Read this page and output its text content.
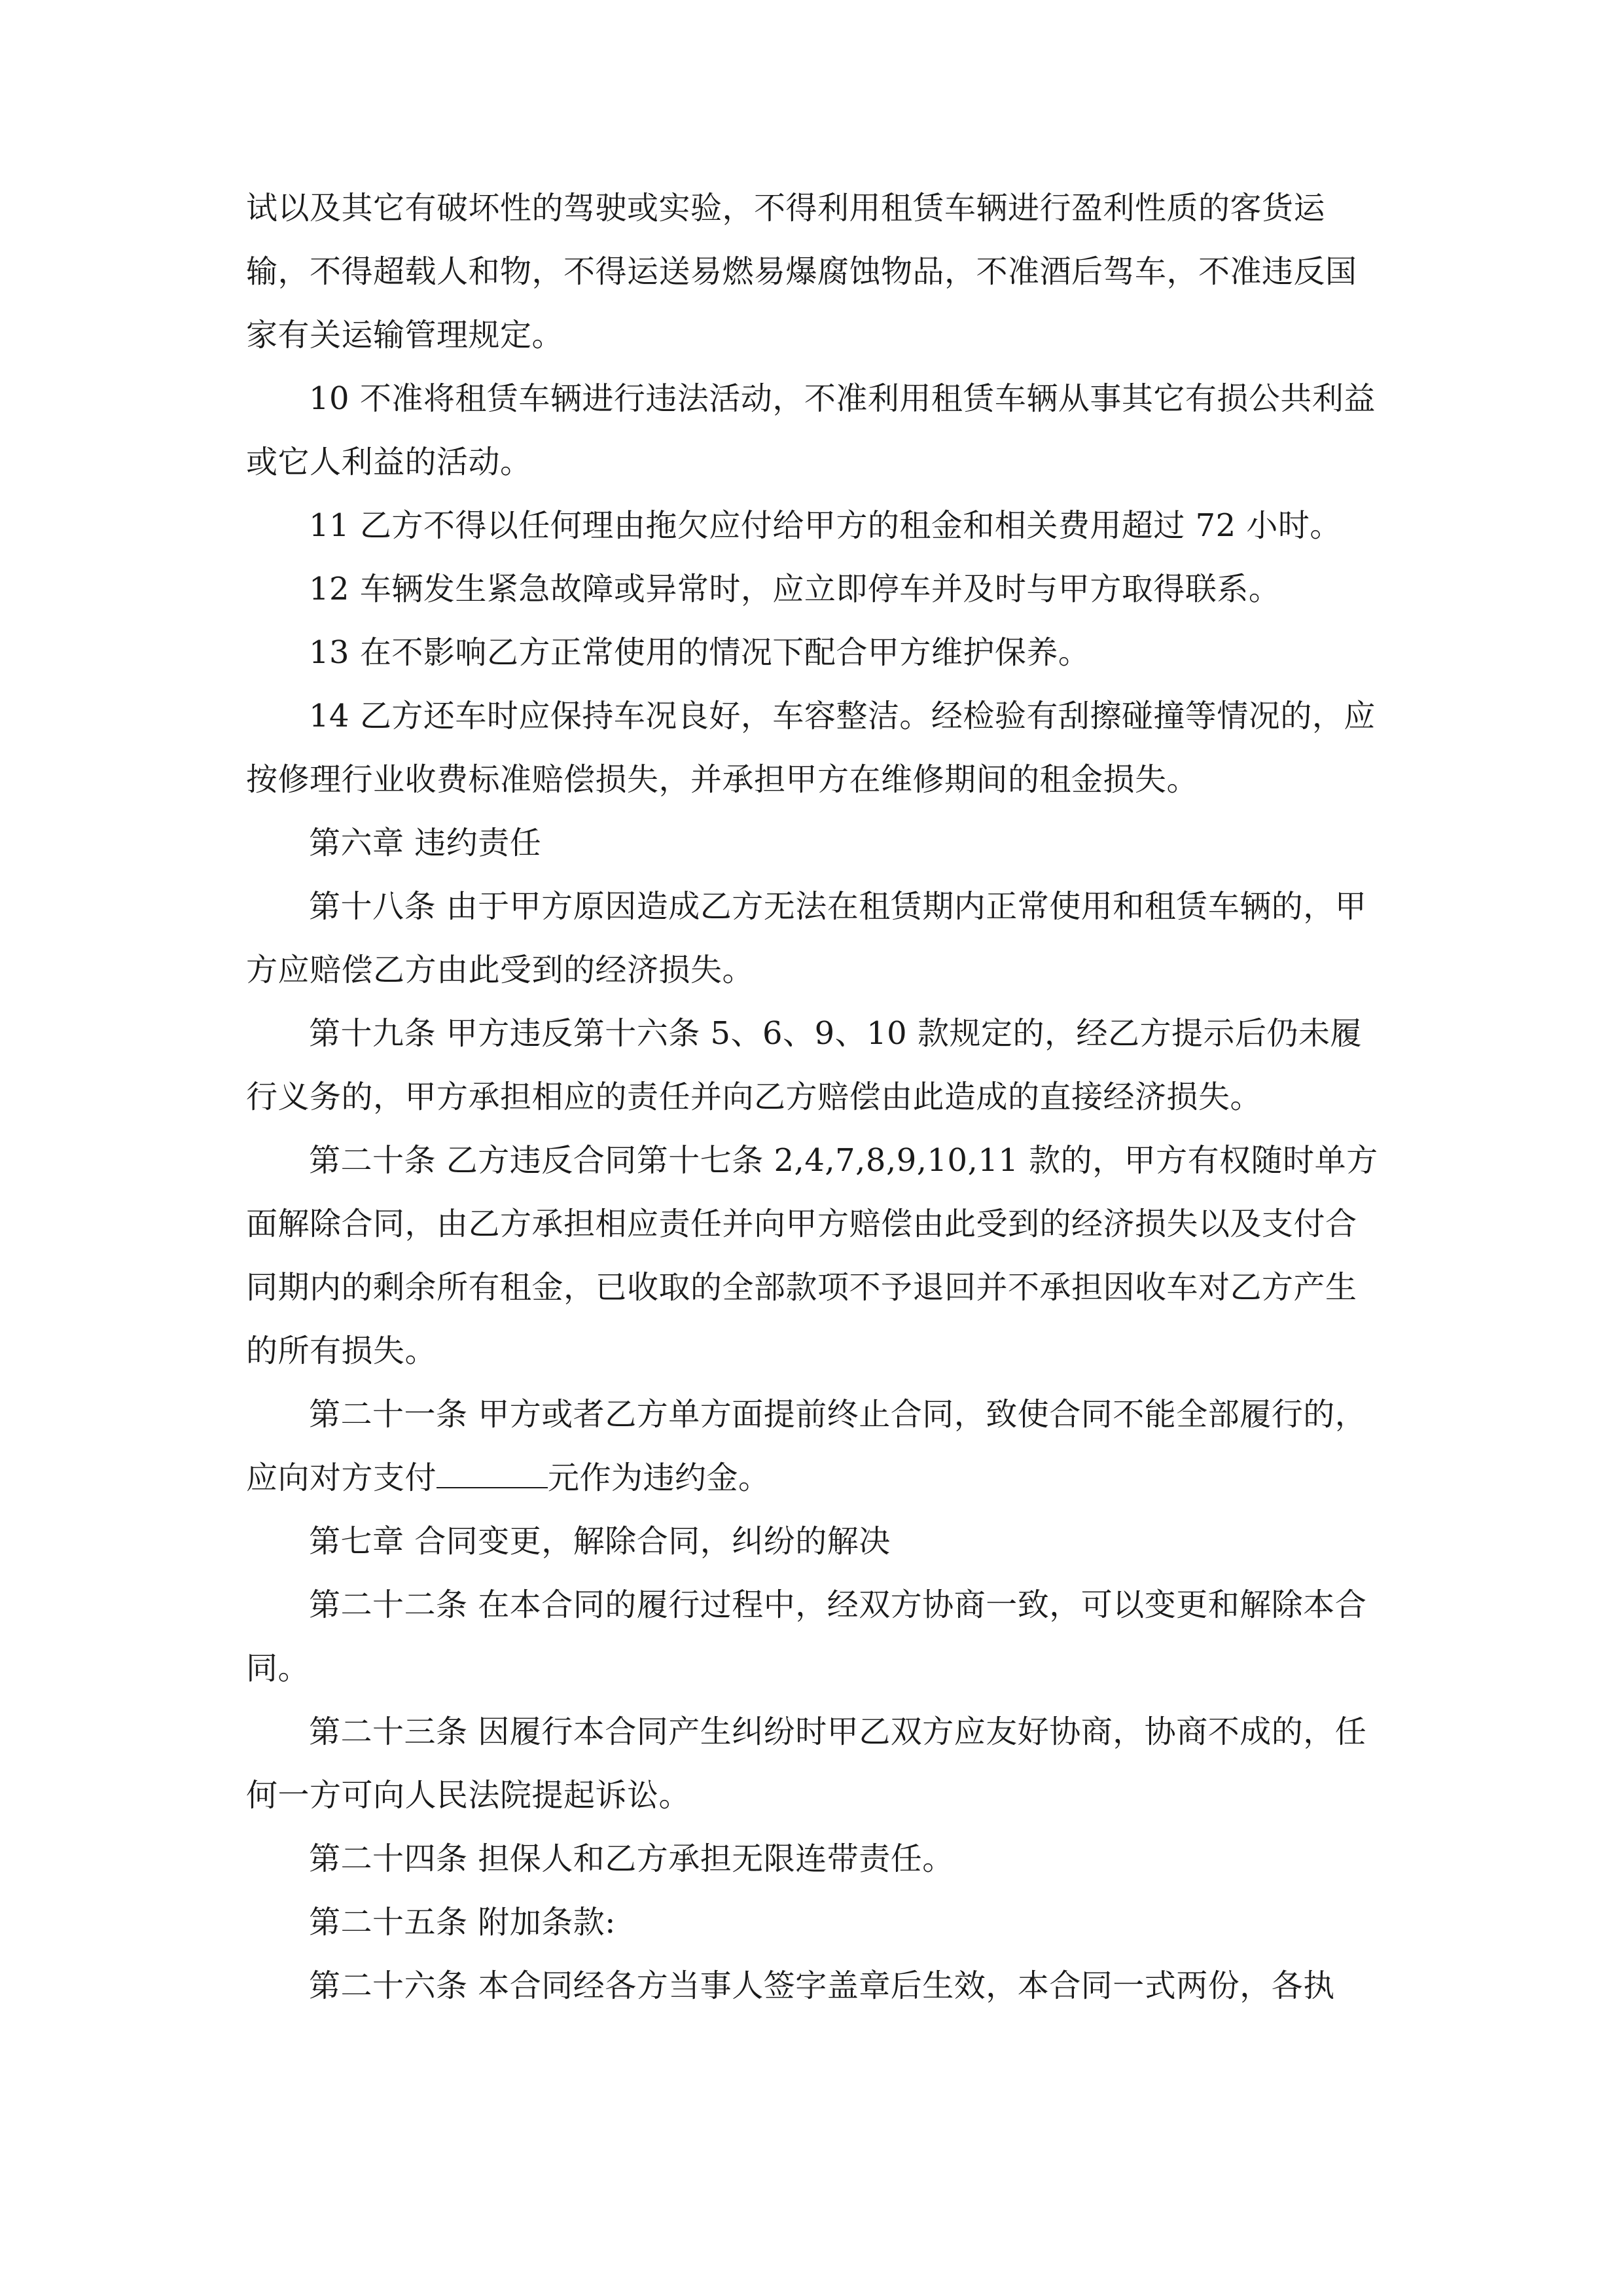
试以及其它有破坏性的驾驶或实验，不得利用租赁车辆进行盈利性质的客货运输，不得超载人和物，不得运送易燃易爆腐蚀物品，不准酒后驾车，不准违反国家有关运输管理规定。

10 不准将租赁车辆进行违法活动，不准利用租赁车辆从事其它有损公共利益或它人利益的活动。

11 乙方不得以任何理由拖欠应付给甲方的租金和相关费用超过 72 小时。

12 车辆发生紧急故障或异常时，应立即停车并及时与甲方取得联系。

13 在不影响乙方正常使用的情况下配合甲方维护保养。

14 乙方还车时应保持车况良好，车容整洁。经检验有刮擦碰撞等情况的，应按修理行业收费标准赔偿损失，并承担甲方在维修期间的租金损失。

第六章 违约责任

第十八条 由于甲方原因造成乙方无法在租赁期内正常使用和租赁车辆的，甲方应赔偿乙方由此受到的经济损失。

第十九条 甲方违反第十六条 5、6、9、10 款规定的，经乙方提示后仍未履行义务的，甲方承担相应的责任并向乙方赔偿由此造成的直接经济损失。

第二十条 乙方违反合同第十七条 2,4,7,8,9,10,11 款的，甲方有权随时单方面解除合同，由乙方承担相应责任并向甲方赔偿由此受到的经济损失以及支付合同期内的剩余所有租金，已收取的全部款项不予退回并不承担因收车对乙方产生的所有损失。

第二十一条 甲方或者乙方单方面提前终止合同，致使合同不能全部履行的，应向对方支付	元作为违约金。

第七章 合同变更，解除合同，纠纷的解决

第二十二条 在本合同的履行过程中，经双方协商一致，可以变更和解除本合同。

第二十三条 因履行本合同产生纠纷时甲乙双方应友好协商，协商不成的，任何一方可向人民法院提起诉讼。

第二十四条 担保人和乙方承担无限连带责任。

第二十五条 附加条款:

第二十六条 本合同经各方当事人签字盖章后生效，本合同一式两份，各执
